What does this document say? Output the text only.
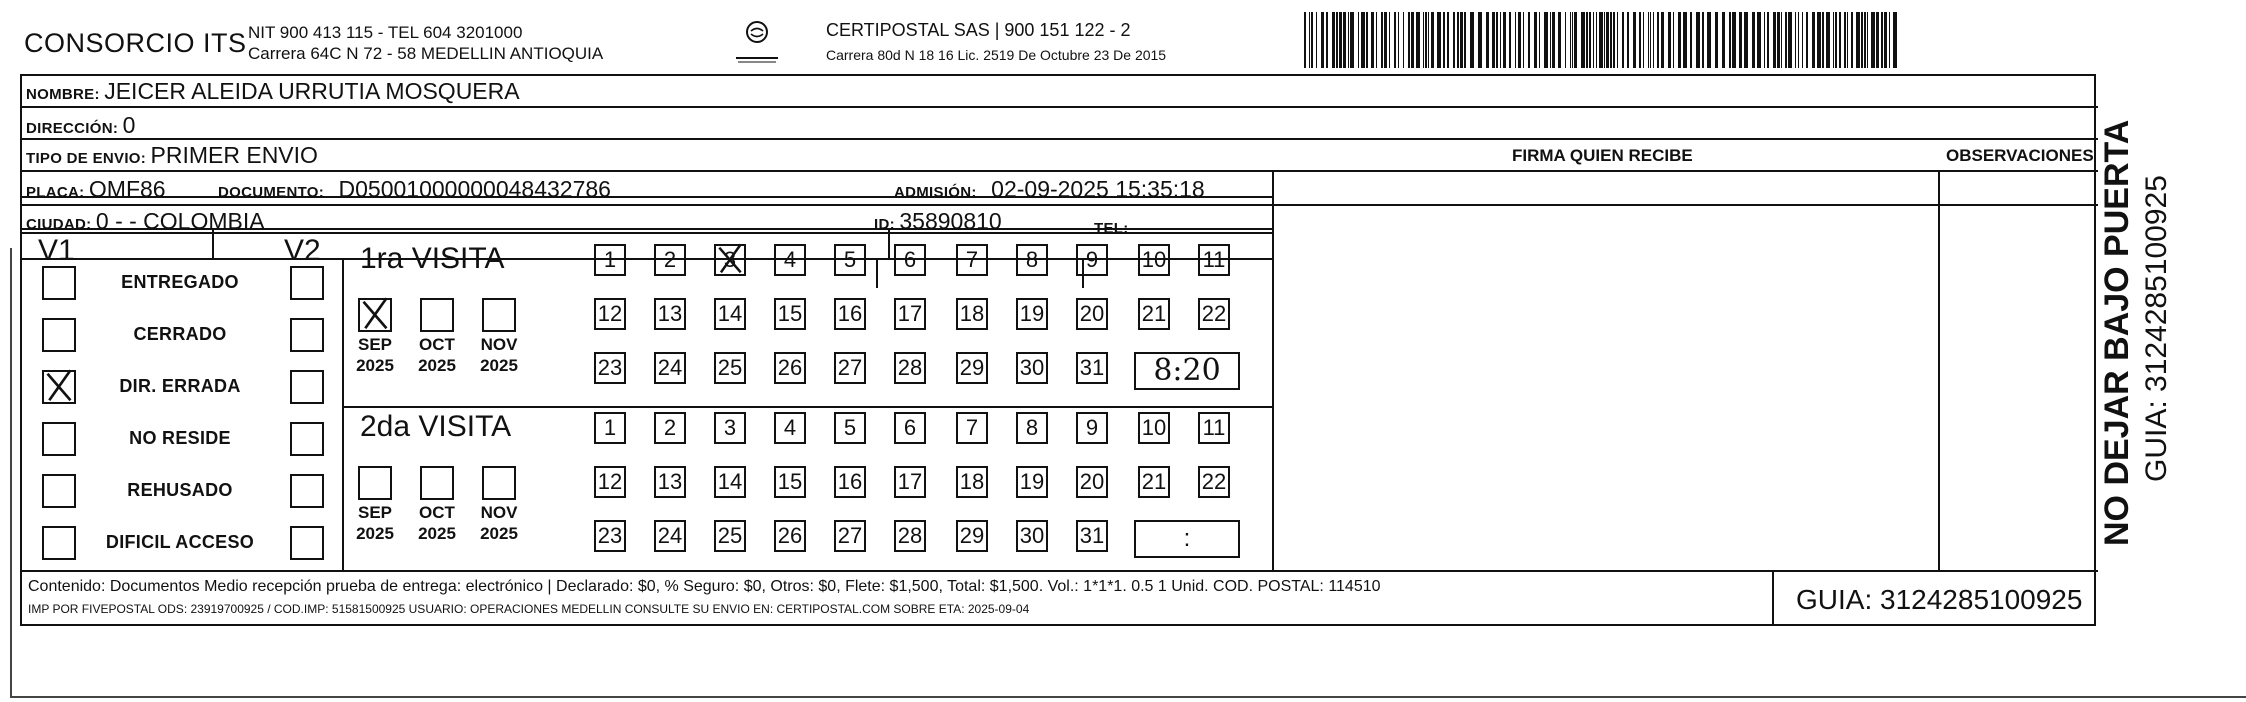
CONSORCIO ITS NIT 900 413 115 - TEL 604 3201000
Carrera 64C N 72 - 58 MEDELLIN ANTIOQUIA
CERTIPOSTAL SAS | 900 151 122 - 2
Carrera 80d N 18 16 Lic. 2519 De Octubre 23 De 2015
NOMBRE: JEICER ALEIDA URRUTIA MOSQUERA
DIRECCIÓN: 0
TIPO DE ENVIO: PRIMER ENVIO	FIRMA QUIEN RECIBE	OBSERVACIONES
PLACA: OMF86	DOCUMENTO: D05001000000048432786	ADMISIÓN: 02-09-2025 15:35:18
CIUDAD: 0 - - COLOMBIA	ID: 35890810	TEL:
V1	V2
ENTREGADO
CERRADO
DIR. ERRADA
NO RESIDE
REHUSADO
DIFICIL ACCESO
1ra VISITA
2da VISITA
SEP
2025
OCT
2025
NOV
2025
SEP
2025
OCT
2025
NOV
2025
1	2	3	4	5	6	7	8	9	10 11
12 13 14 15 16 17 18 19 20 21 22
23 24 25 26 27 28 29 30 31	8:20
1	2	3	4	5	6	7	8	9	10 11
12 13 14 15 16 17 18 19 20 21 22
23 24 25 26 27 28 29 30 31	:
Contenido: Documentos Medio recepción prueba de entrega: electrónico | Declarado: $0, % Seguro: $0, Otros: $0, Flete: $1,500, Total: $1,500. Vol.: 1*1*1. 0.5 1 Unid. COD. POSTAL: 114510
IMP POR FIVEPOSTAL ODS: 23919700925 / COD.IMP: 51581500925 USUARIO: OPERACIONES MEDELLIN CONSULTE SU ENVIO EN: CERTIPOSTAL.COM SOBRE ETA: 2025-09-04	GUIA: 3124285100925
NO DEJAR BAJO PUERTA GUIA: 3124285100925
